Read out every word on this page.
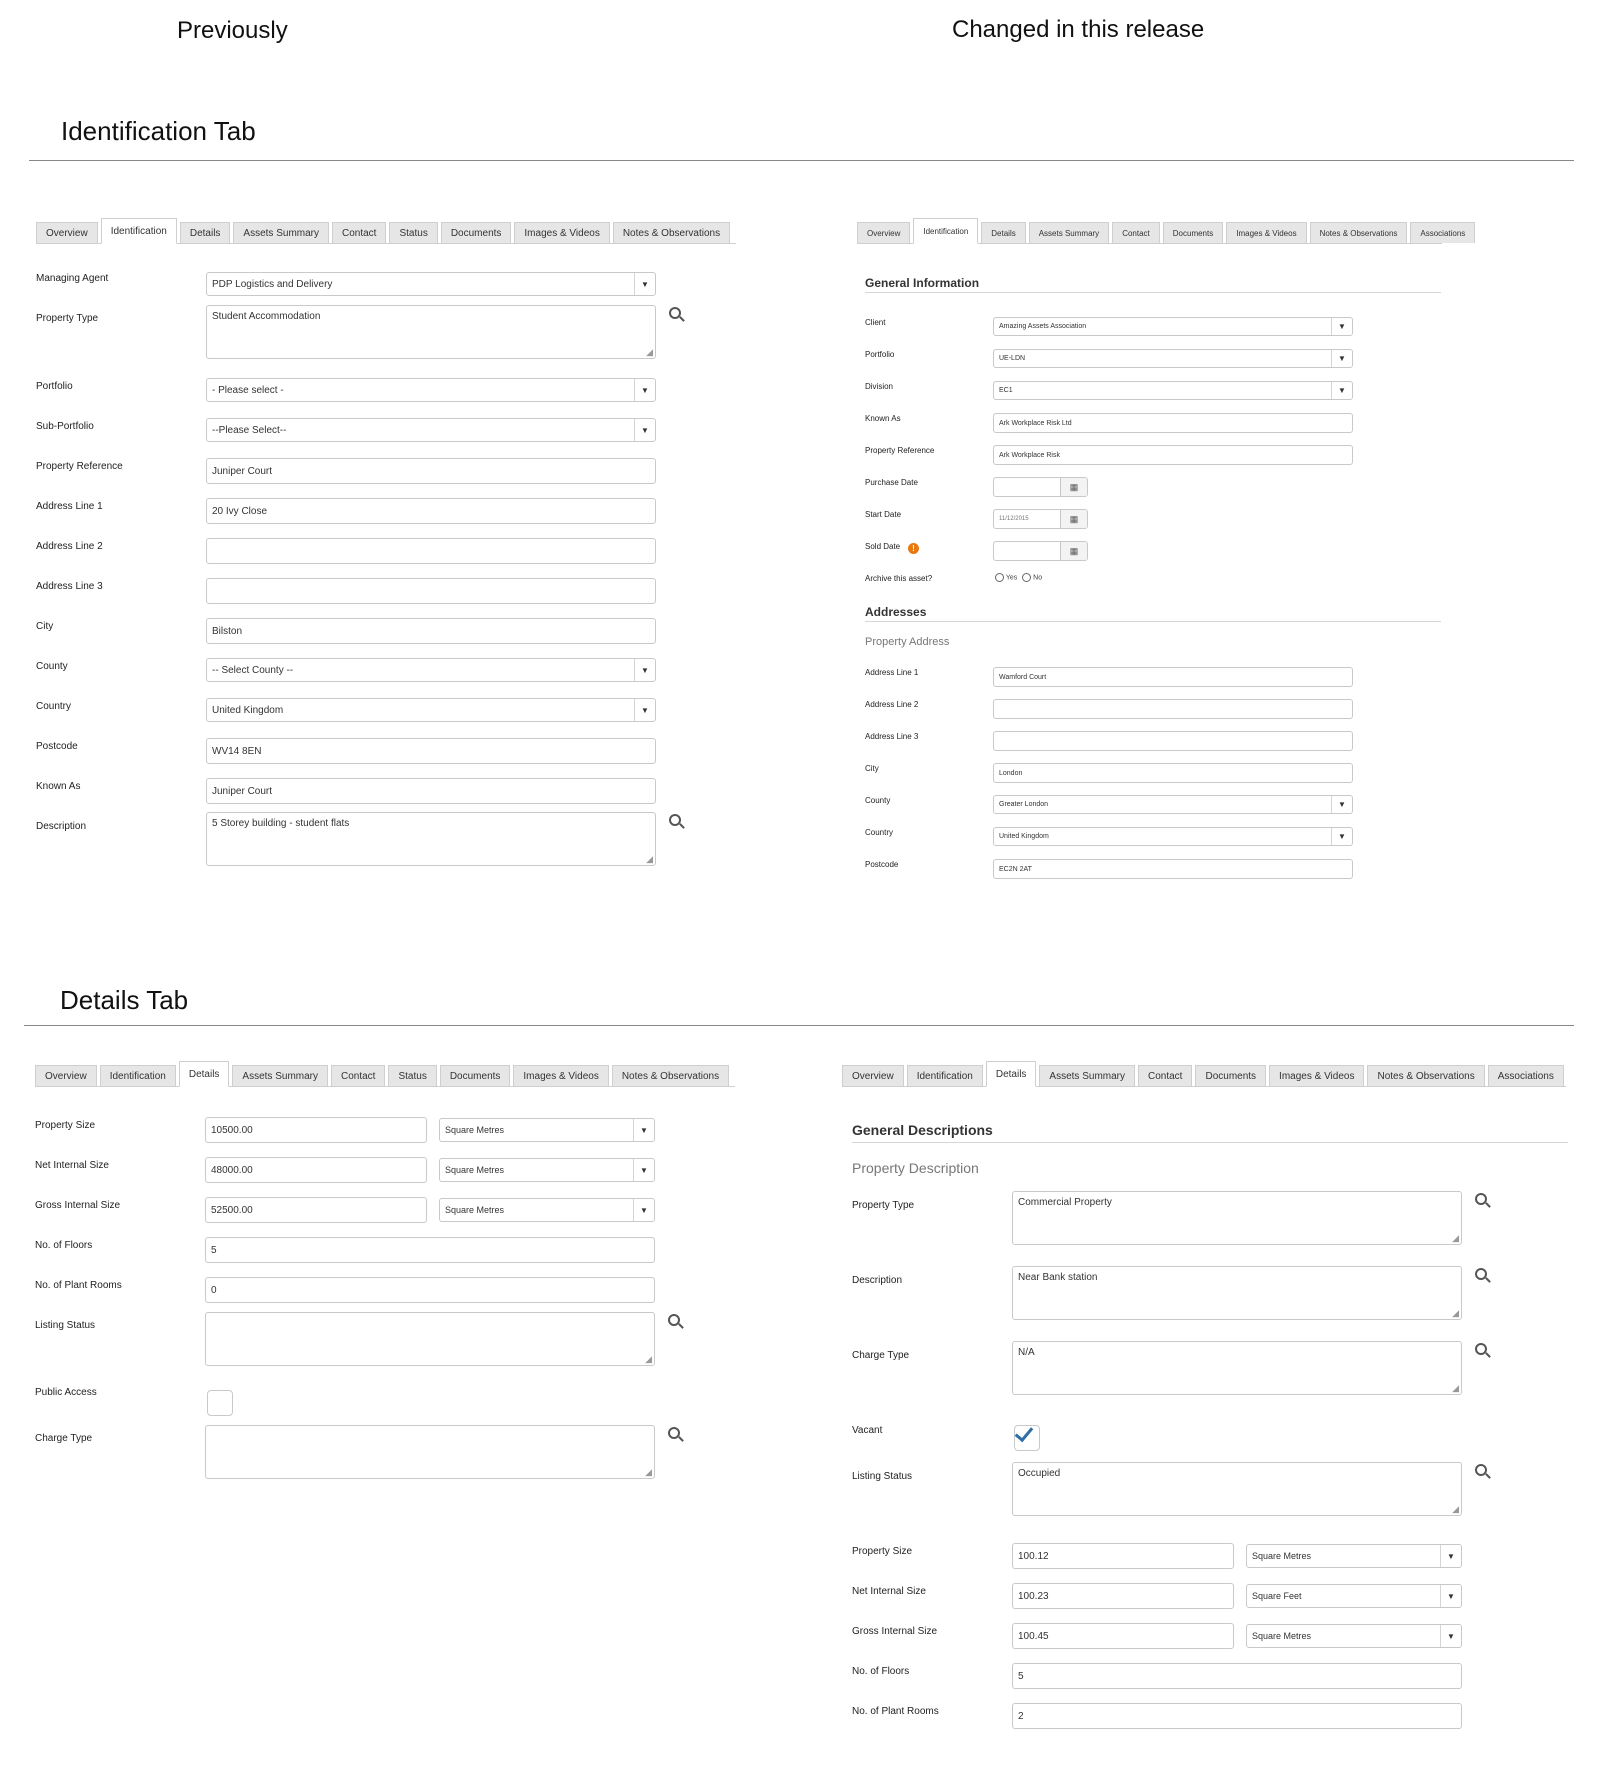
Previously	Changed in this release
Identification Tab
Details Tab
Overview	Identification	Details	Assets Summary	Contact	Status	Documents	Images & Videos	Notes & Observations
Managing Agent	PDP Logistics and Delivery	▼
Property Type	Student Accommodation
◢
Portfolio	- Please select -	▼
Sub-Portfolio	--Please Select--	▼
Property Reference	Juniper Court
Address Line 1	20 Ivy Close
Address Line 2
Address Line 3
City	Bilston
County	-- Select County --	▼
Country	United Kingdom	▼
Postcode	WV14 8EN
Known As	Juniper Court
Description	5 Storey building - student flats
◢
Overview	Identification	Details	Assets Summary	Contact	Documents	Images & Videos	Notes & Observations	Associations
General Information
Client	Amazing Assets Association	▼
Portfolio	UE-LDN	▼
Division	EC1	▼
Known As	Ark Workplace Risk Ltd
Property Reference	Ark Workplace Risk
Purchase Date	▦
Start Date	11/12/2015	▦
Sold Date	!	▦
Archive this asset?	Yes No
Addresses
Property Address
Address Line 1	Wamford Court
Address Line 2
Address Line 3
City	London
County	Greater London	▼
Country	United Kingdom	▼
Postcode	EC2N 2AT
Overview	Identification	Details	Assets Summary	Contact	Status	Documents	Images & Videos	Notes & Observations
Property Size	10500.00	Square Metres	▼
Net Internal Size	48000.00	Square Metres	▼
Gross Internal Size	52500.00	Square Metres	▼
No. of Floors	5
No. of Plant Rooms	0
Listing Status
◢
Public Access
Charge Type
◢
Overview	Identification	Details	Assets Summary	Contact	Documents	Images & Videos	Notes & Observations	Associations
General Descriptions
Property Description
Property Type	Commercial Property
◢
Description	Near Bank station
◢
Charge Type	N/A
◢
Vacant
Listing Status	Occupied
◢
Property Size	100.12	Square Metres	▼
Net Internal Size	100.23	Square Feet	▼
Gross Internal Size	100.45	Square Metres	▼
No. of Floors	5
No. of Plant Rooms	2
